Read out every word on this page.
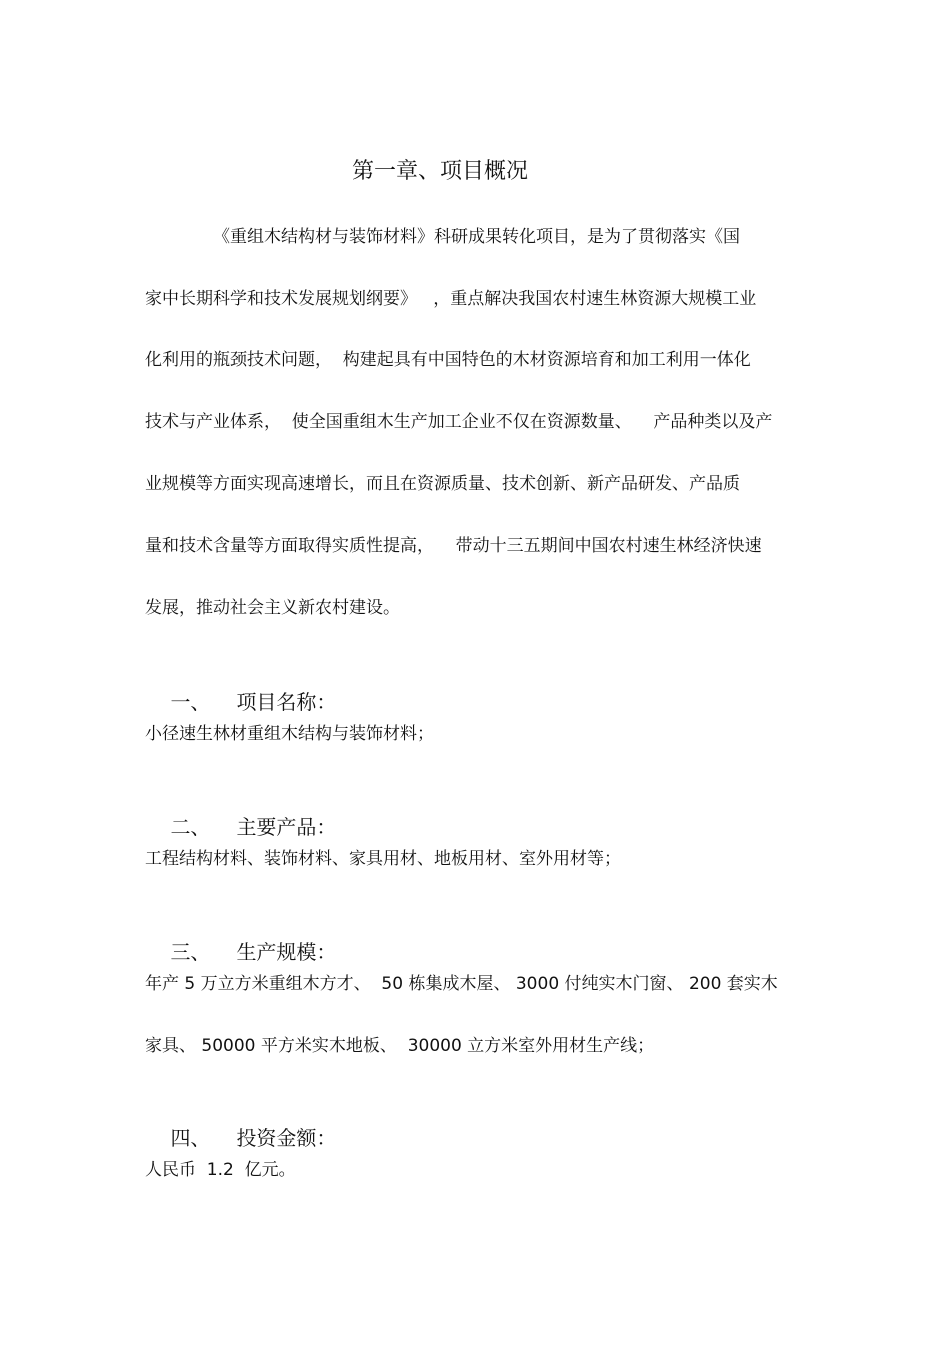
第一章、项目概况
《重组木结构材与装饰材料》科研成果转化项目，是为了贯彻落实《国
家中长期科学和技术发展规划纲要》   ，重点解决我国农村速生林资源大规模工业
化利用的瓶颈技术问题，  构建起具有中国特色的木材资源培育和加工利用一体化
技术与产业体系，  使全国重组木生产加工企业不仅在资源数量、    产品种类以及产
业规模等方面实现高速增长，而且在资源质量、技术创新、新产品研发、产品质
量和技术含量等方面取得实质性提高，    带动十三五期间中国农村速生林经济快速
发展，推动社会主义新农村建设。

一、 项目名称：

小径速生林材重组木结构与装饰材料；

二、 主要产品：

工程结构材料、装饰材料、家具用材、地板用材、室外用材等；

三、 生产规模：

年产 5 万立方米重组木方才、  50 栋集成木屋、 3000 付纯实木门窗、 200 套实木
家具、 50000 平方米实木地板、  30000 立方米室外用材生产线；

四、 投资金额：

人民币  1.2  亿元。
